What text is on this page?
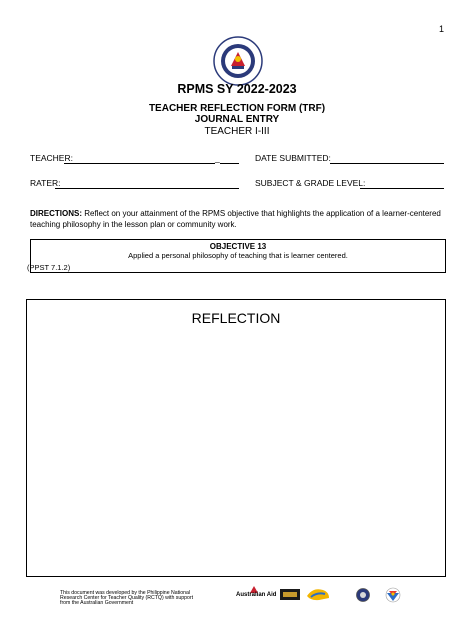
1
RPMS SY 2022-2023
TEACHER REFLECTION FORM (TRF)
JOURNAL ENTRY
TEACHER I-III
TEACHER:	_	DATE SUBMITTED:
RATER:	SUBJECT & GRADE LEVEL:
DIRECTIONS: Reflect on your attainment of the RPMS objective that highlights the application of a learner-centered teaching philosophy in the lesson plan or community work.
OBJECTIVE 13
Applied a personal philosophy of teaching that is learner centered.
(PPST 7.1.2)
REFLECTION
This document was developed by the Philippine National Research Center for Teacher Quality (RCTQ) with support from the Australian Government
Australian Aid
